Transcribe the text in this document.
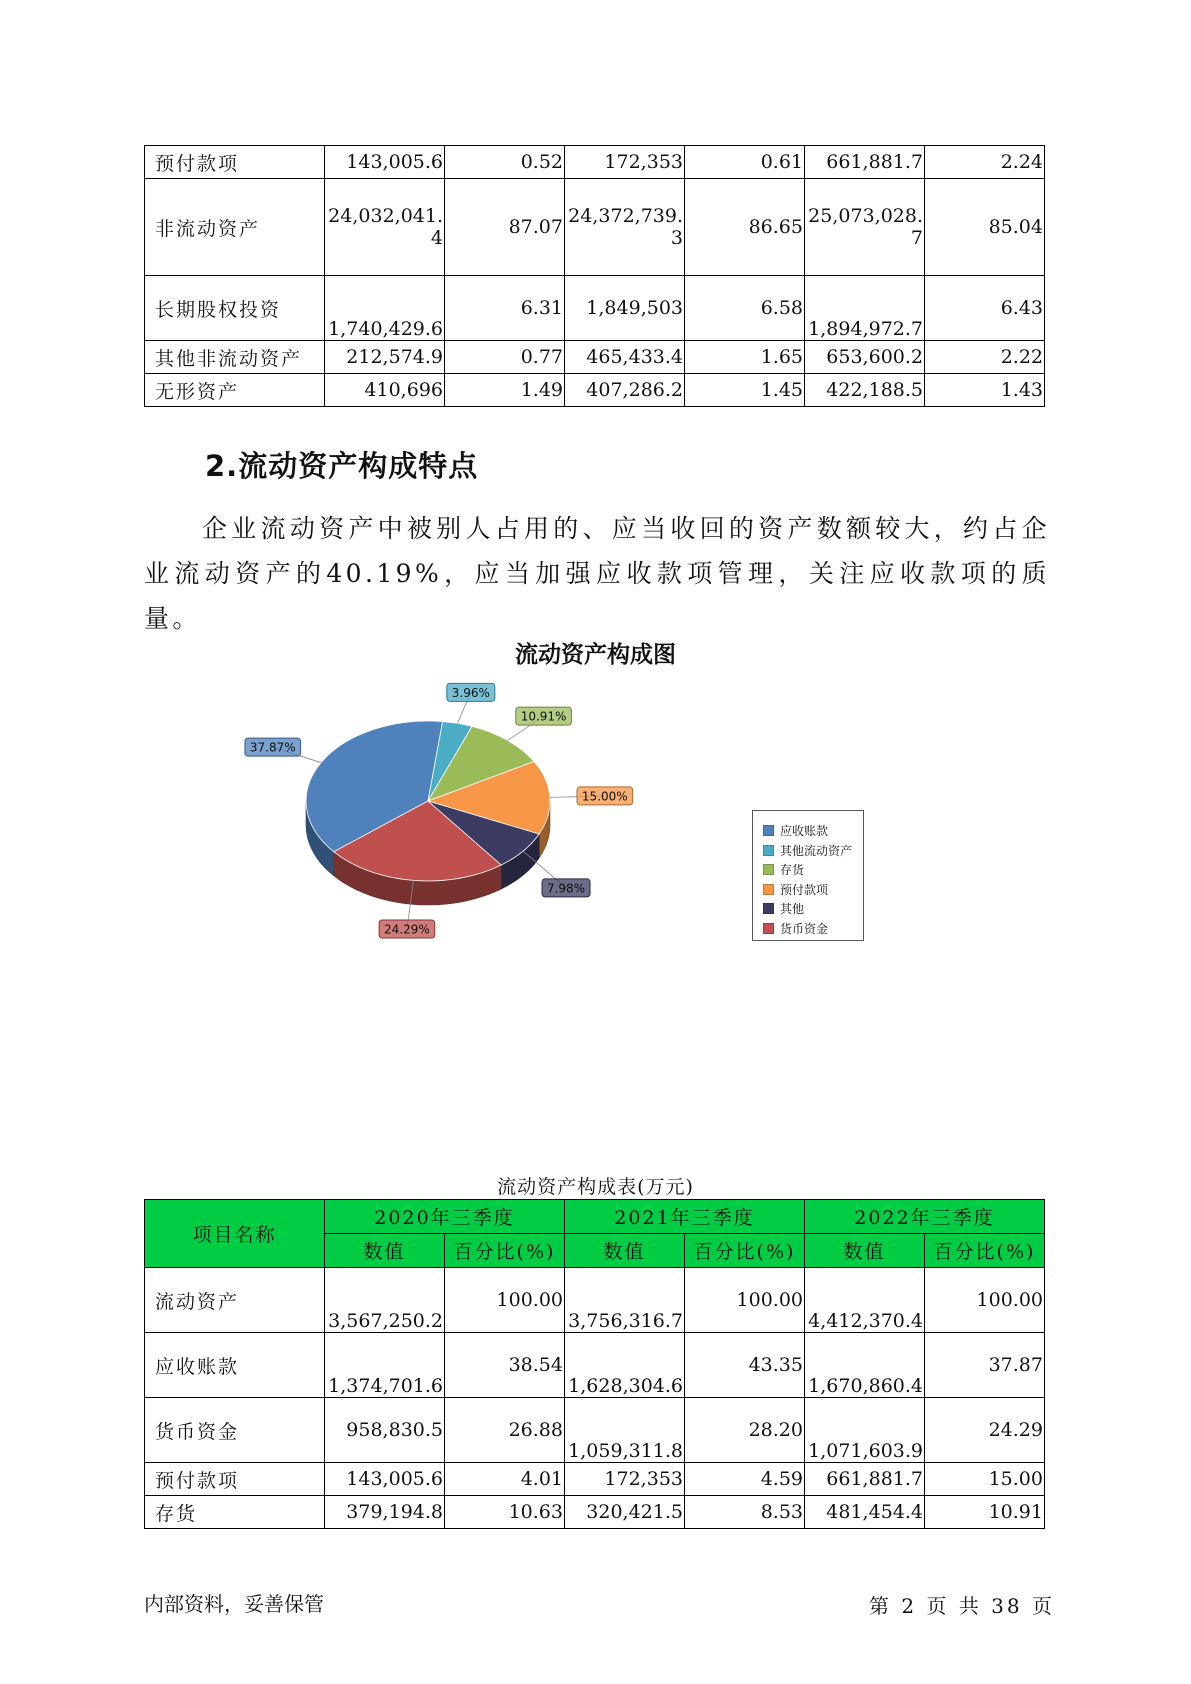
预付款项	143,005.6	0.52	172,353	0.61	661,881.7	2.24
非流动资产	24,032,041.4	87.07	24,372,739.3	86.65	25,073,028.7	85.04
长期股权投资	1,740,429.6	6.31	1,849,503	6.58	1,894,972.7	6.43
其他非流动资产	212,574.9	0.77	465,433.4	1.65	653,600.2	2.22
无形资产	410,696	1.49	407,286.2	1.45	422,188.5	1.43
2.流动资产构成特点
企业流动资产中被别人占用的、应当收回的资产数额较大，约占企业流动资产的40.19%，应当加强应收款项管理，关注应收款项的质量。
流动资产构成图
37.87%
3.96%
10.91%
15.00%
7.98%
24.29%
应收账款
其他流动资产
存货
预付款项
其他
货币资金
流动资产构成表(万元)
项目名称	2020年三季度		2021年三季度		2022年三季度	
	数值	百分比(%)	数值	百分比(%)	数值	百分比(%)
流动资产	3,567,250.2	100.00	3,756,316.7	100.00	4,412,370.4	100.00
应收账款	1,374,701.6	38.54	1,628,304.6	43.35	1,670,860.4	37.87
货币资金	958,830.5	26.88	1,059,311.8	28.20	1,071,603.9	24.29
预付款项	143,005.6	4.01	172,353	4.59	661,881.7	15.00
存货	379,194.8	10.63	320,421.5	8.53	481,454.4	10.91
内部资料，妥善保管	第 2 页 共 38 页
